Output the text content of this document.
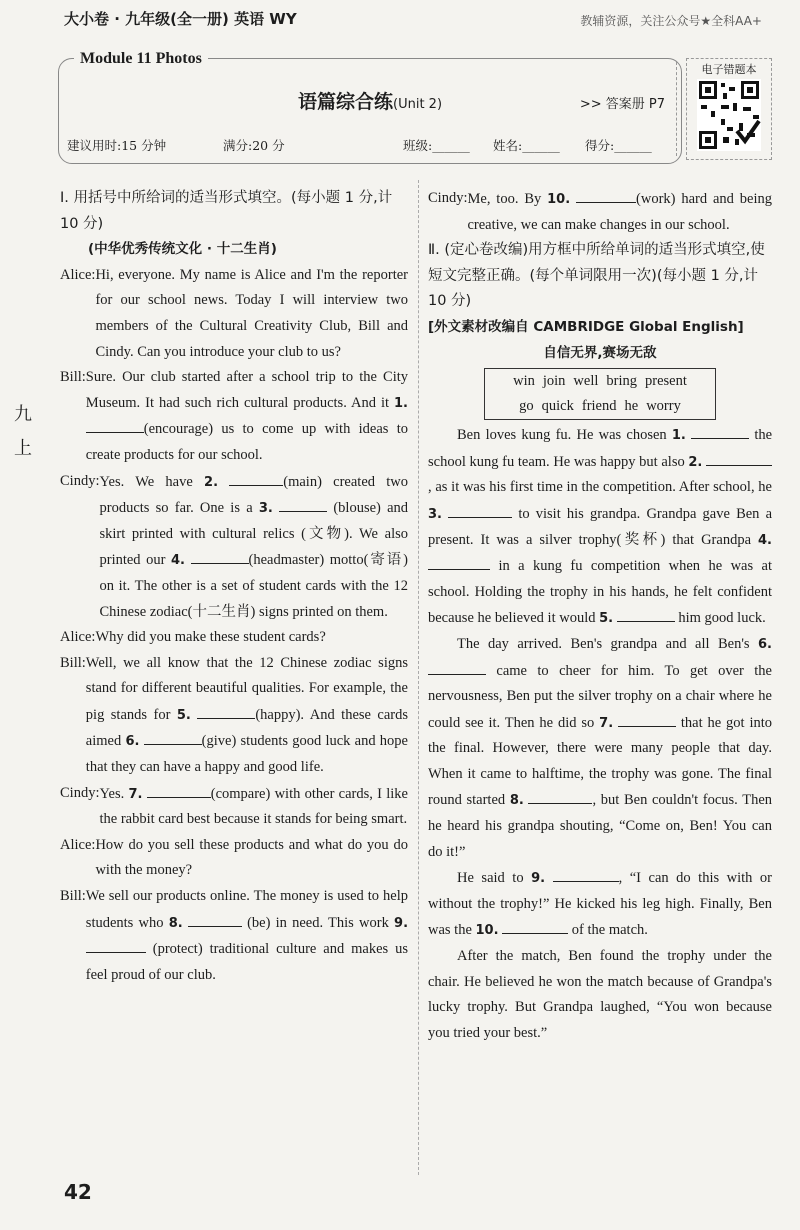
大小卷 · 九年级(全一册) 英语 WY	教辅资源，关注公众号★全科AA+
语篇综合练(Unit 2)	>> 答案册 P7
建议用时:15 分钟	满分:20 分	班级:______ 姓名:______ 得分:______
Module 11 Photos
电子错题本
九
上
Ⅰ. 用括号中所给词的适当形式填空。(每小题 1 分,计 10 分)
(中华优秀传统文化 · 十二生肖)
Alice: Hi, everyone. My name is Alice and I'm the reporter for our school news. Today I will interview two members of the Cultural Creativity Club, Bill and Cindy. Can you introduce your club to us?
Bill: Sure. Our club started after a school trip to the City Museum. It had such rich cultural products. And it 1. (encourage) us to come up with ideas to create products for our school.
Cindy: Yes. We have 2.	(main) created two products so far. One is a 3.	(blouse) and skirt printed with cultural relics (文物). We also printed our 4.	(headmaster) motto(寄语) on it. The other is a set of student cards with the 12 Chinese zodiac(十二生肖) signs printed on them.
Alice: Why did you make these student cards?
Bill: Well, we all know that the 12 Chinese zodiac signs stand for different beautiful qualities. For example, the pig stands for 5.	(happy). And these cards aimed 6.	(give) students good luck and hope that they can have a happy and good life.
Cindy: Yes. 7.	(compare) with other cards, I like the rabbit card best because it stands for being smart.
Alice: How do you sell these products and what do you do with the money?
Bill: We sell our products online. The money is used to help students who 8.	(be) in need. This work 9.  (protect) traditional culture and makes us feel proud of our club.
Cindy: Me, too. By 10.	(work) hard and being creative, we can make changes in our school.
Ⅱ. (定心卷改编)用方框中所给单词的适当形式填空,使短文完整正确。(每个单词限用一次)(每小题 1 分,计 10 分)
[外文素材改编自 CAMBRIDGE Global English]
自信无界,赛场无敌
win join well bring present
go quick friend he worry

Ben loves kung fu. He was chosen 1.	the school kung fu team. He was happy but also 2. , as it was his first time in the competition. After school, he 3.	to visit his grandpa. Grandpa gave Ben a present. It was a silver trophy(奖杯) that Grandpa 4.  in a kung fu competition when he was at school. Holding the trophy in his hands, he felt confident because he believed it would 5.	him good luck.

The day arrived. Ben's grandpa and all Ben's 6.  came to cheer for him. To get over the nervousness, Ben put the silver trophy on a chair where he could see it. Then he did so 7.	that he got into the final. However, there were many people that day. When it came to halftime, the trophy was gone. The final round started 8.	, but Ben couldn't focus. Then he heard his grandpa shouting, “Come on, Ben! You can do it!”

He said to 9.	, “I can do this with or without the trophy!” He kicked his leg high. Finally, Ben was the 10.	of the match.

After the match, Ben found the trophy under the chair. He believed he won the match because of Grandpa's lucky trophy. But Grandpa laughed, “You won because you tried your best.”

42
